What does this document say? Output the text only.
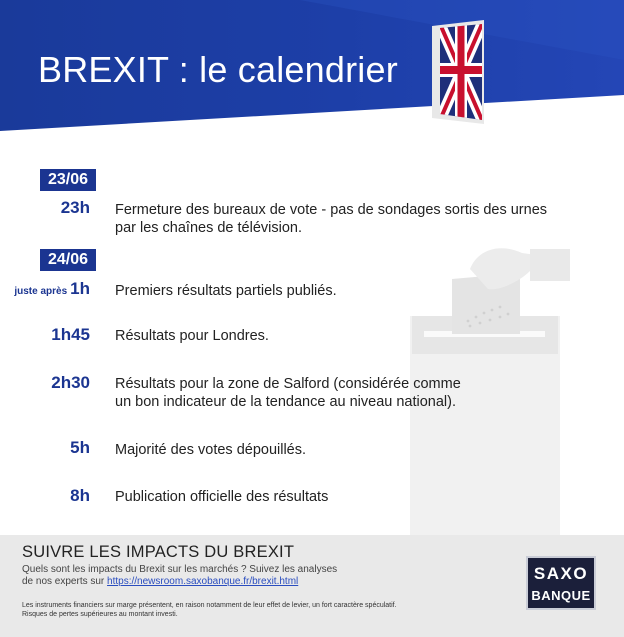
BREXIT : le calendrier
23/06
24/06
23h Fermeture des bureaux de vote - pas de sondages sortis des urnes
par les chaînes de télévision.
juste après 1h Premiers résultats partiels publiés.
1h45 Résultats pour Londres.
2h30 Résultats pour la zone de Salford (considérée comme
un bon indicateur de la tendance au niveau national).
5h Majorité des votes dépouillés.
8h Publication officielle des résultats
SUIVRE LES IMPACTS DU BREXIT
Quels sont les impacts du Brexit sur les marchés ? Suivez les analyses
de nos experts sur https://newsroom.saxobanque.fr/brexit.html
Les instruments financiers sur marge présentent, en raison notamment de leur effet de levier, un fort caractère spéculatif.
Risques de pertes supérieures au montant investi.
SAXO
BANQUE
